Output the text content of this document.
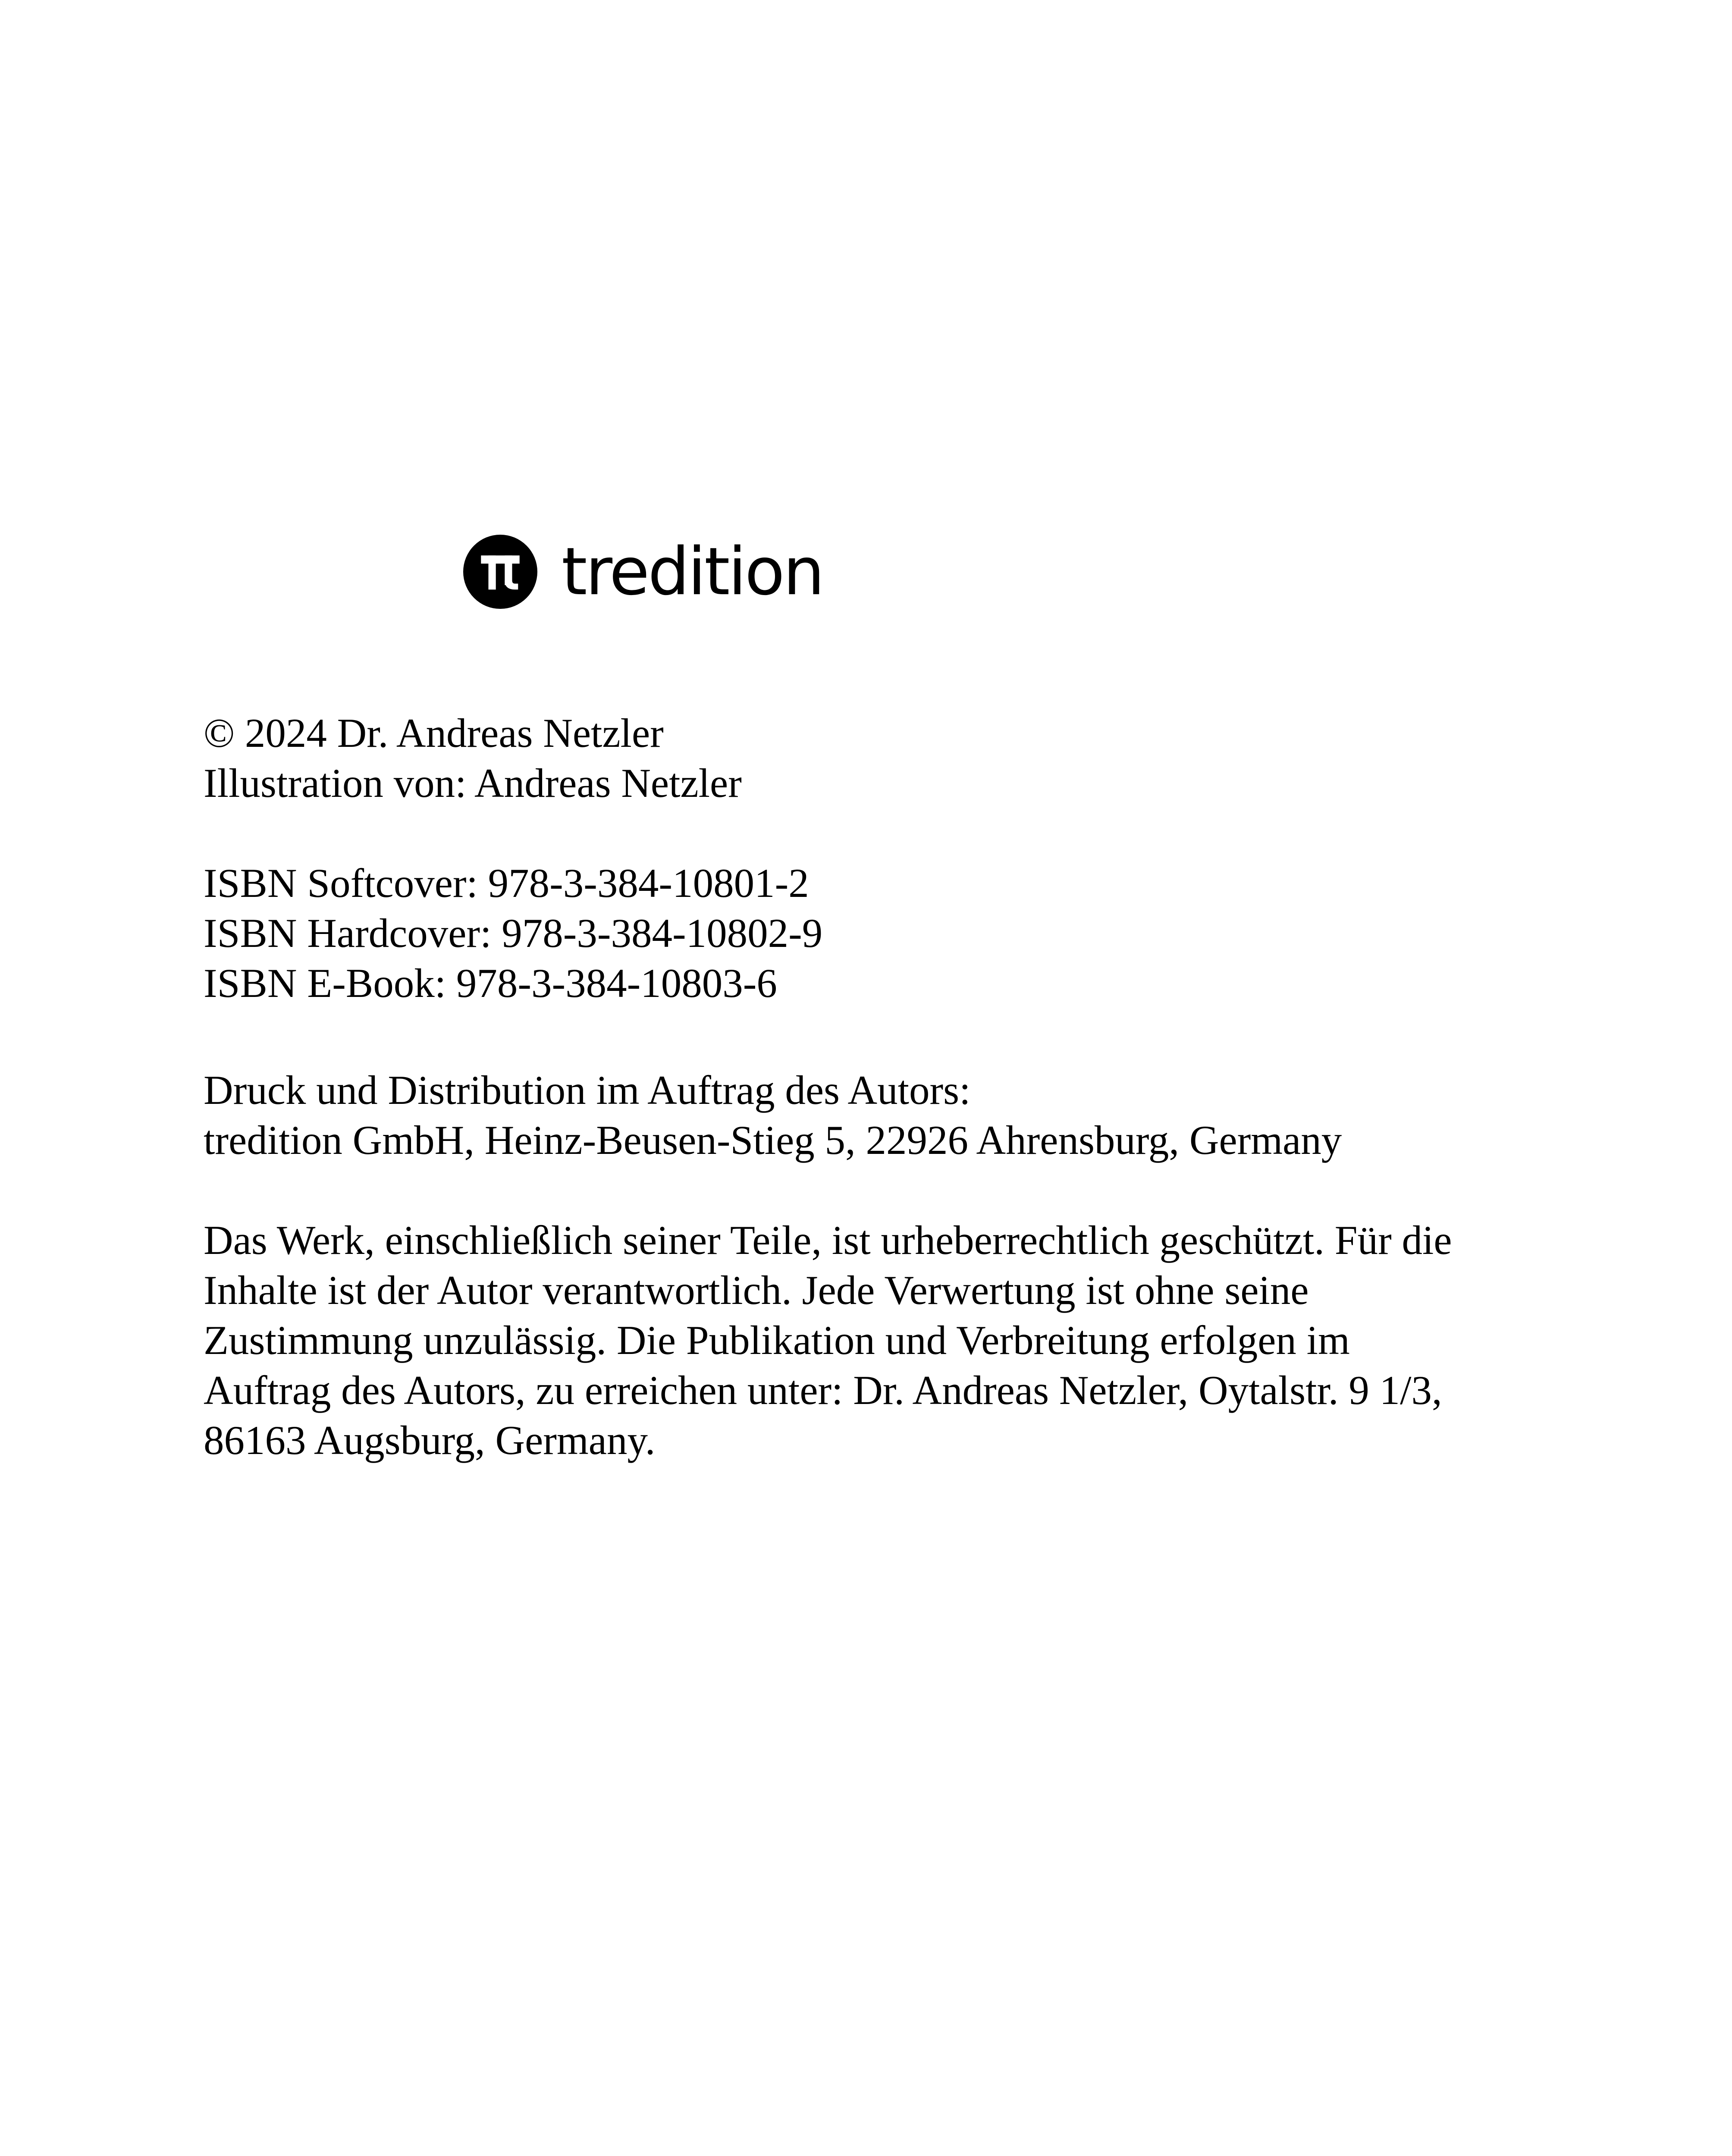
tredition
© 2024 Dr. Andreas Netzler
Illustration von: Andreas Netzler
ISBN Softcover: 978-3-384-10801-2
ISBN Hardcover: 978-3-384-10802-9
ISBN E-Book: 978-3-384-10803-6
Druck und Distribution im Auftrag des Autors:
tredition GmbH, Heinz-Beusen-Stieg 5, 22926 Ahrensburg, Germany
Das Werk, einschließlich seiner Teile, ist urheberrechtlich geschützt. Für die
Inhalte ist der Autor verantwortlich. Jede Verwertung ist ohne seine
Zustimmung unzulässig. Die Publikation und Verbreitung erfolgen im
Auftrag des Autors, zu erreichen unter: Dr. Andreas Netzler, Oytalstr. 9 1/3,
86163 Augsburg, Germany.
